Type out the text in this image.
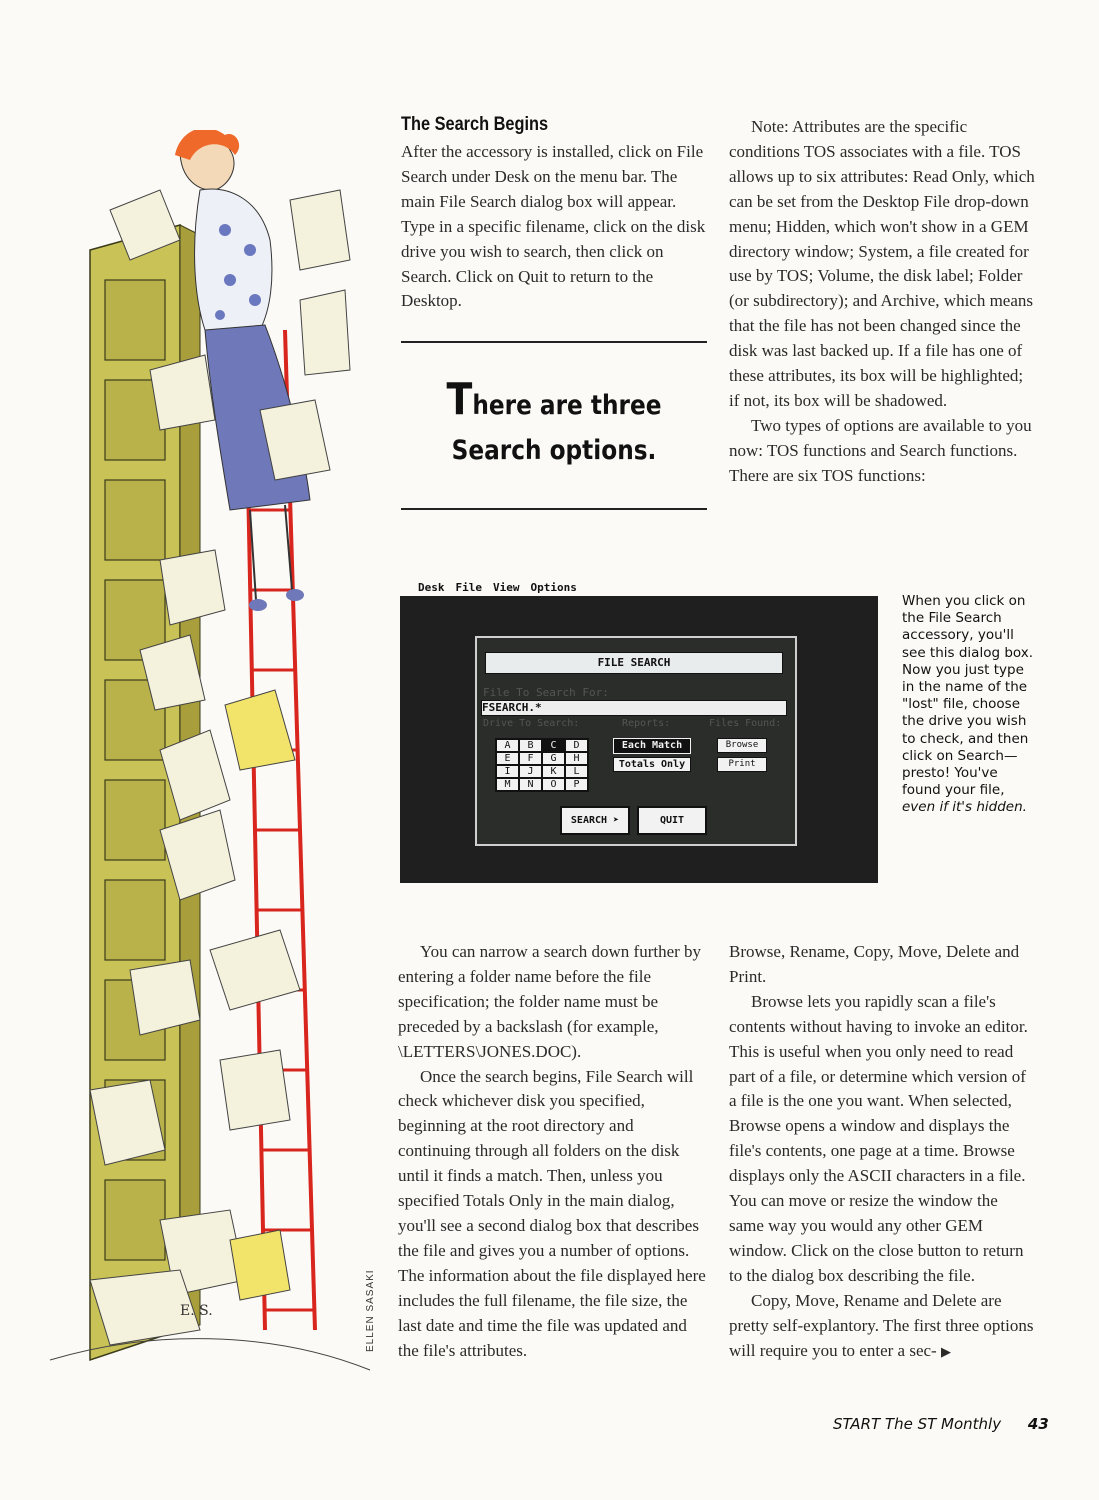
E. S.	ELLEN SASAKI
The Search Begins

After the accessory is installed, click on File Search under Desk on the menu bar. The main File Search dialog box will appear. Type in a specific filename, click on the disk drive you wish to search, then click on Search. Click on Quit to return to the Desktop.

There are three
Search options.

Note: Attributes are the specific conditions TOS associates with a file. TOS allows up to six attributes: Read Only, which can be set from the Desktop File drop-down menu; Hidden, which won't show in a GEM directory window; System, a file created for use by TOS; Volume, the disk label; Folder (or subdirectory); and Archive, which means that the file has not been changed since the disk was last backed up. If a file has one of these attributes, its box will be highlighted; if not, its box will be shadowed.

Two types of options are available to you now: TOS functions and Search functions. There are six TOS functions:

Desk File View Options
FILE SEARCH
File To Search For:
FSEARCH.*
Drive To Search:	Reports:	Files Found:
A	B	C	D
E	F	G	H
I	J	K	L
M	N	O	P
Each Match
Totals Only
Browse
Print
SEARCH ➤	QUIT
When you click on the File Search accessory, you'll see this dialog box. Now you just type in the name of the "lost" file, choose the drive you wish to check, and then click on Search—presto! You've found your file, even if it's hidden.

You can narrow a search down further by entering a folder name before the file specification; the folder name must be preceded by a backslash (for example, \LETTERS\JONES.DOC).

Once the search begins, File Search will check whichever disk you specified, beginning at the root directory and continuing through all folders on the disk until it finds a match. Then, unless you specified Totals Only in the main dialog, you'll see a second dialog box that describes the file and gives you a number of options. The information about the file displayed here includes the full filename, the file size, the last date and time the file was updated and the file's attributes.

Browse, Rename, Copy, Move, Delete and Print.

Browse lets you rapidly scan a file's contents without having to invoke an editor. This is useful when you only need to read part of a file, or determine which version of a file is the one you want. When selected, Browse opens a window and displays the file's contents, one page at a time. Browse displays only the ASCII characters in a file. You can move or resize the window the same way you would any other GEM window. Click on the close button to return to the dialog box describing the file.

Copy, Move, Rename and Delete are pretty self-explantory. The first three options will require you to enter a sec- ▶

START The ST Monthly 43
